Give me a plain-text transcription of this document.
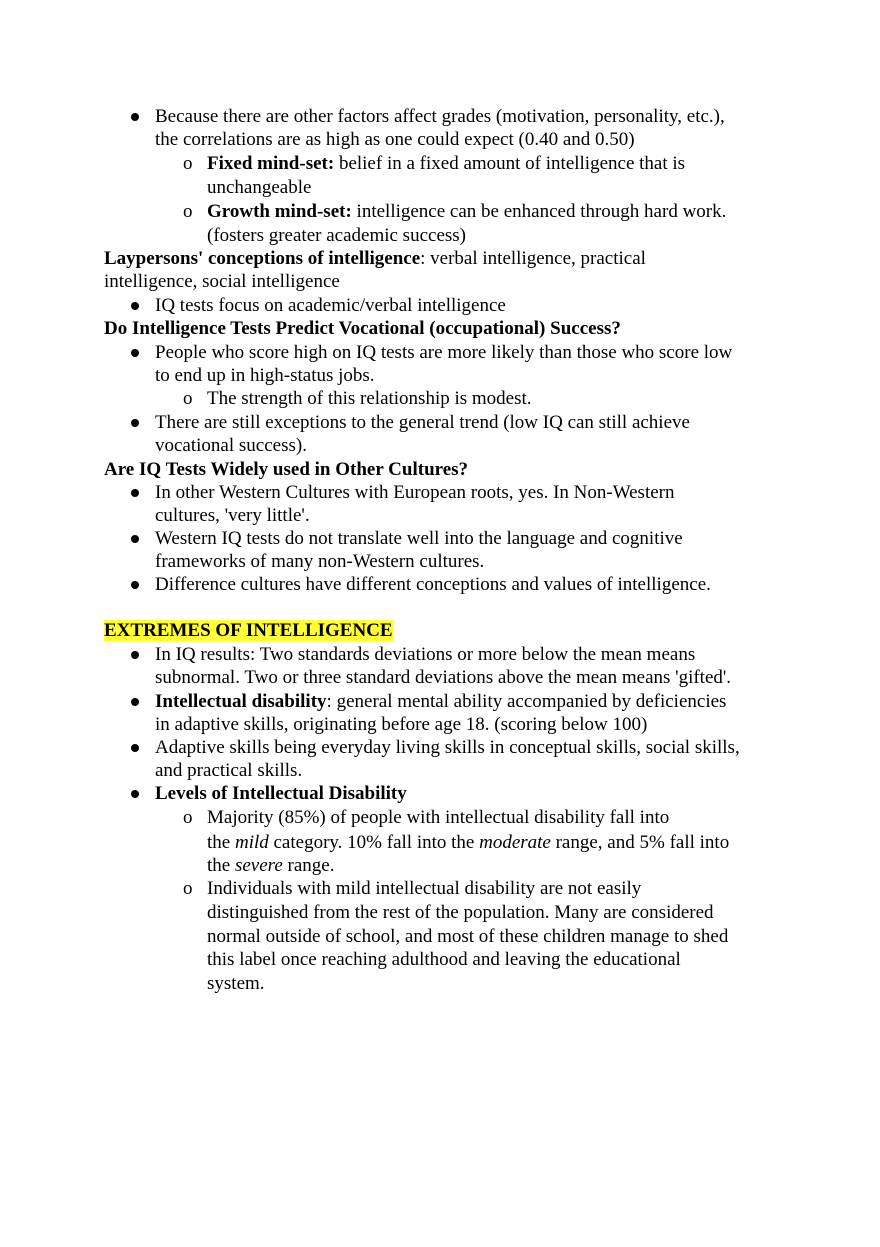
Because there are other factors affect grades (motivation, personality, etc.),
the correlations are as high as one could expect (0.40 and 0.50)
o Fixed mind-set: belief in a fixed amount of intelligence that is
unchangeable
o Growth mind-set: intelligence can be enhanced through hard work.
(fosters greater academic success)
Laypersons' conceptions of intelligence: verbal intelligence, practical
intelligence, social intelligence
IQ tests focus on academic/verbal intelligence
Do Intelligence Tests Predict Vocational (occupational) Success?
People who score high on IQ tests are more likely than those who score low
to end up in high-status jobs.
o The strength of this relationship is modest.
There are still exceptions to the general trend (low IQ can still achieve
vocational success).
Are IQ Tests Widely used in Other Cultures?
In other Western Cultures with European roots, yes. In Non-Western
cultures, 'very little'.
Western IQ tests do not translate well into the language and cognitive
frameworks of many non-Western cultures.
Difference cultures have different conceptions and values of intelligence.
EXTREMES OF INTELLIGENCE
In IQ results: Two standards deviations or more below the mean means
subnormal. Two or three standard deviations above the mean means 'gifted'.
Intellectual disability: general mental ability accompanied by deficiencies
in adaptive skills, originating before age 18. (scoring below 100)
Adaptive skills being everyday living skills in conceptual skills, social skills,
and practical skills.
Levels of Intellectual Disability
o Majority (85%) of people with intellectual disability fall into
the mild category. 10% fall into the moderate range, and 5% fall into
the severe range.
o Individuals with mild intellectual disability are not easily
distinguished from the rest of the population. Many are considered
normal outside of school, and most of these children manage to shed
this label once reaching adulthood and leaving the educational
system.
